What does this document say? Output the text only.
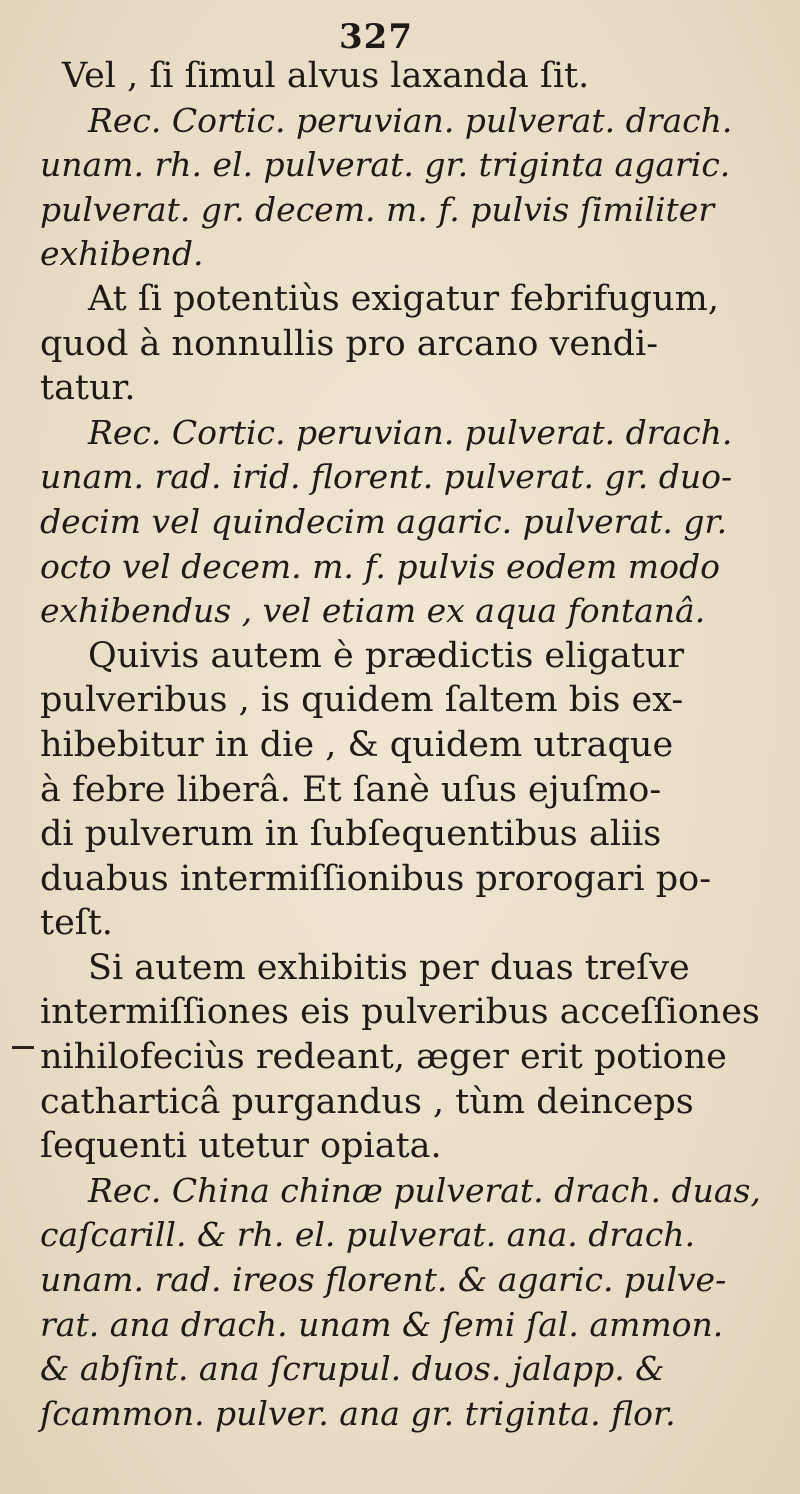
327
Vel , ſi ſimul alvus laxanda ſit.
Rec. Cortic. peruvian. pulverat. drach.
unam. rh. el. pulverat. gr. triginta agaric.
pulverat. gr. decem. m. f. pulvis ſimiliter
exhibend.
At ſi potentiùs exigatur febrifugum,
quod à nonnullis pro arcano vendi-
tatur.
Rec. Cortic. peruvian. pulverat. drach.
unam. rad. irid. florent. pulverat. gr. duo-
decim vel quindecim agaric. pulverat. gr.
octo vel decem. m. f. pulvis eodem modo
exhibendus , vel etiam ex aqua fontanâ.
Quivis autem è prædictis eligatur
pulveribus , is quidem ſaltem bis ex-
hibebitur in die , & quidem utraque
à febre liberâ. Et ſanè uſus ejuſmo-
di pulverum in ſubſequentibus aliis
duabus intermiſſionibus prorogari po-
teſt.
Si autem exhibitis per duas treſve
intermiſſiones eis pulveribus acceſſiones
nihilofeciùs redeant, æger erit potione
catharticâ purgandus , tùm deinceps
ſequenti utetur opiata.
Rec. China chinæ pulverat. drach. duas,
caſcarill. & rh. el. pulverat. ana. drach.
unam. rad. ireos florent. & agaric. pulve-
rat. ana drach. unam & ſemi ſal. ammon.
& abſint. ana ſcrupul. duos. jalapp. &
ſcammon. pulver. ana gr. triginta. flor.
